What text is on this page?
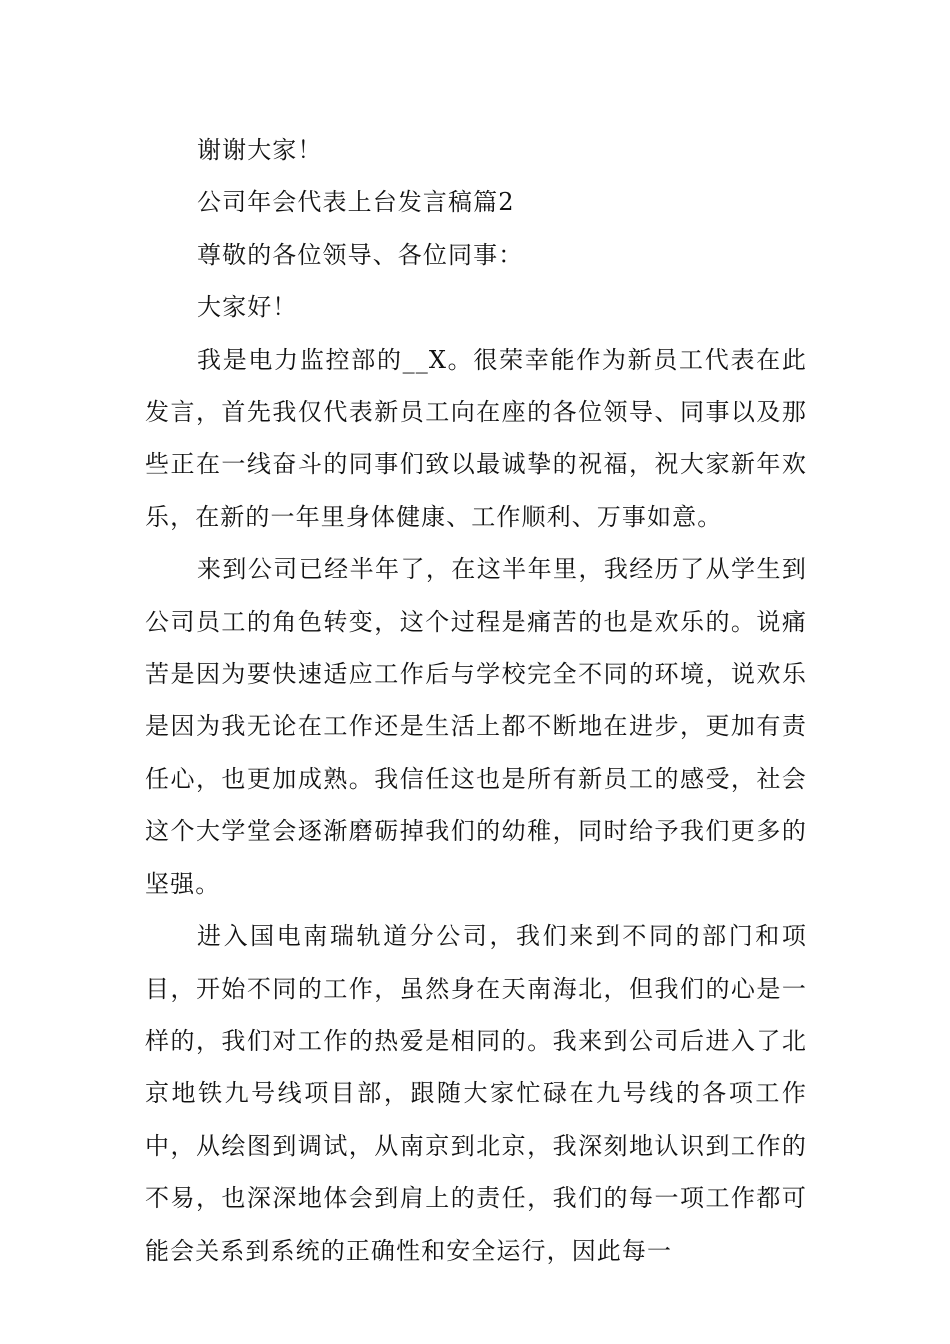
谢谢大家！

公司年会代表上台发言稿篇2

尊敬的各位领导、各位同事：

大家好！

我是电力监控部的__X。很荣幸能作为新员工代表在此发言，首先我仅代表新员工向在座的各位领导、同事以及那些正在一线奋斗的同事们致以最诚挚的祝福，祝大家新年欢乐，在新的一年里身体健康、工作顺利、万事如意。

来到公司已经半年了，在这半年里，我经历了从学生到公司员工的角色转变，这个过程是痛苦的也是欢乐的。说痛苦是因为要快速适应工作后与学校完全不同的环境，说欢乐是因为我无论在工作还是生活上都不断地在进步，更加有责任心，也更加成熟。我信任这也是所有新员工的感受，社会这个大学堂会逐渐磨砺掉我们的幼稚，同时给予我们更多的坚强。

进入国电南瑞轨道分公司，我们来到不同的部门和项目，开始不同的工作，虽然身在天南海北，但我们的心是一样的，我们对工作的热爱是相同的。我来到公司后进入了北京地铁九号线项目部，跟随大家忙碌在九号线的各项工作中，从绘图到调试，从南京到北京，我深刻地认识到工作的不易，也深深地体会到肩上的责任，我们的每一项工作都可能会关系到系统的正确性和安全运行，因此每一
